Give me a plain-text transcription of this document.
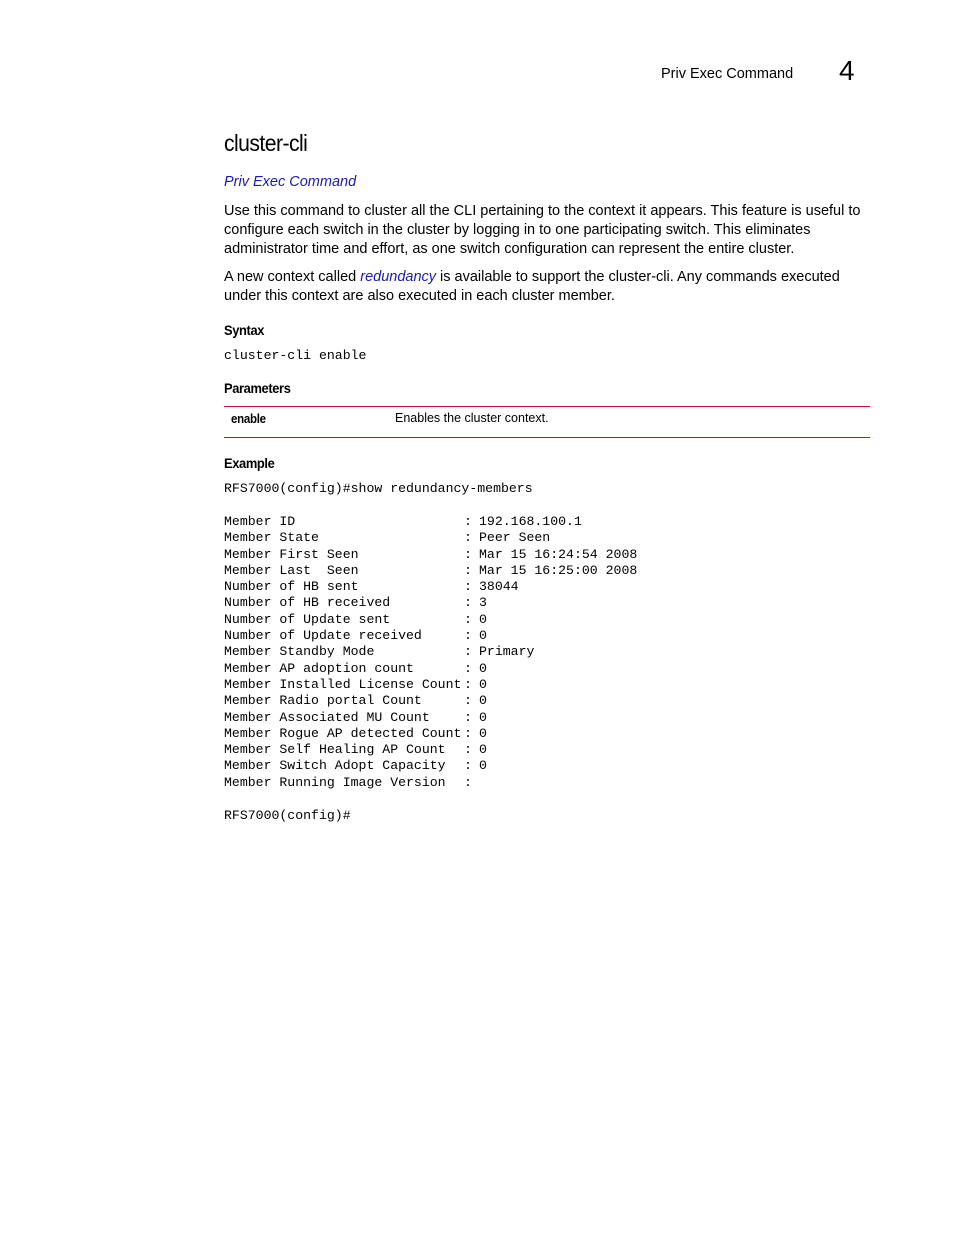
Priv Exec Command 4
cluster-cli
Priv Exec Command

Use this command to cluster all the CLI pertaining to the context it appears. This feature is useful to configure each switch in the cluster by logging in to one participating switch. This eliminates administrator time and effort, as one switch configuration can represent the entire cluster.

A new context called redundancy is available to support the cluster-cli. Any commands executed under this context are also executed in each cluster member.

Syntax
cluster-cli enable
Parameters
enable	Enables the cluster context.
Example
RFS7000(config)#show redundancy-members
Member ID	: 192.168.100.1
Member State	: Peer Seen
Member First Seen	: Mar 15 16:24:54 2008
Member Last  Seen	: Mar 15 16:25:00 2008
Number of HB sent	: 38044
Number of HB received	: 3
Number of Update sent	: 0
Number of Update received	: 0
Member Standby Mode	: Primary
Member AP adoption count	: 0
Member Installed License Count : 0
Member Radio portal Count	: 0
Member Associated MU Count	: 0
Member Rogue AP detected Count : 0
Member Self Healing AP Count	: 0
Member Switch Adopt Capacity	: 0
Member Running Image Version	:
RFS7000(config)#
